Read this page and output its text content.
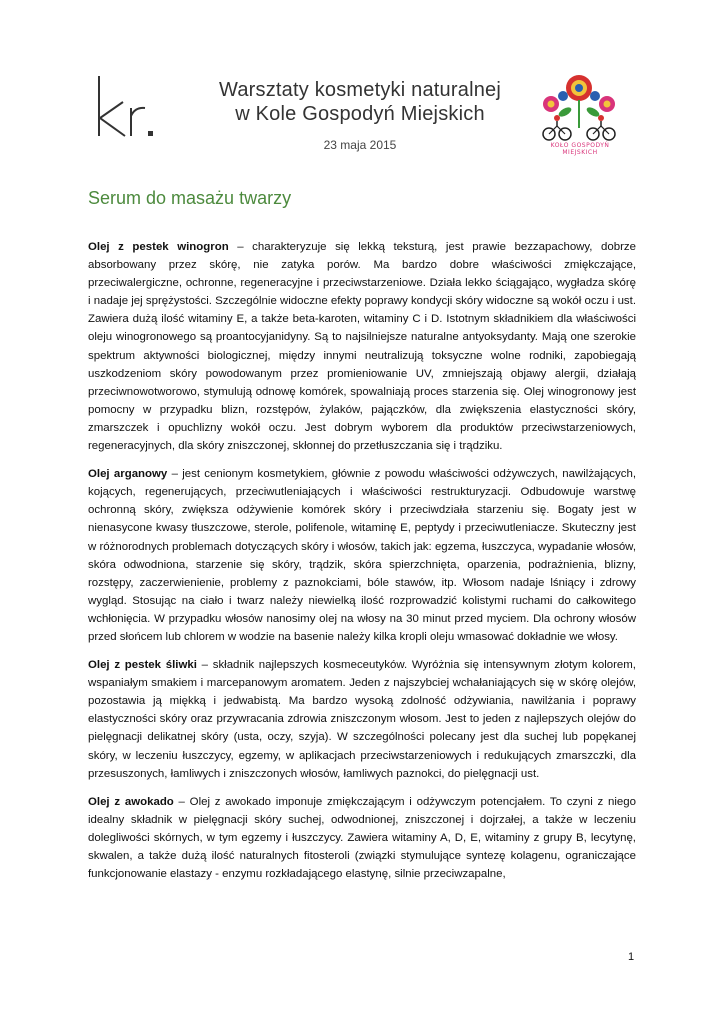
Warsztaty kosmetyki naturalnej
w Kole Gospodyń Miejskich
23 maja 2015	KOŁO GOSPODYŃ MIEJSKICH
Serum do masażu twarzy

Olej z pestek winogron – charakteryzuje się lekką teksturą, jest prawie bezzapachowy, dobrze absorbowany przez skórę, nie zatyka porów. Ma bardzo dobre właściwości zmiękczające, przeciwalergiczne, ochronne, regeneracyjne i przeciwstarzeniowe. Działa lekko ściągająco, wygładza skórę i nadaje jej sprężystości. Szczególnie widoczne efekty poprawy kondycji skóry widoczne są wokół oczu i ust. Zawiera dużą ilość witaminy E, a także beta-karoten, witaminy C i D. Istotnym składnikiem dla właściwości oleju winogronowego są proantocyjanidyny. Są to najsilniejsze naturalne antyoksydanty. Mają one szerokie spektrum aktywności biologicznej, między innymi neutralizują toksyczne wolne rodniki, zapobiegają uszkodzeniom skóry powodowanym przez promieniowanie UV, zmniejszają objawy alergii, działają przeciwnowotworowo, stymulują odnowę komórek, spowalniają proces starzenia się. Olej winogronowy jest pomocny w przypadku blizn, rozstępów, żylaków, pajączków, dla zwiększenia elastyczności skóry, zmarszczek i opuchlizny wokół oczu. Jest dobrym wyborem dla produktów przeciwstarzeniowych, regeneracyjnych, dla skóry zniszczonej, skłonnej do przetłuszczania się i trądziku.

Olej arganowy – jest cenionym kosmetykiem, głównie z powodu właściwości odżywczych, nawilżających, kojących, regenerujących, przeciwutleniających i właściwości restrukturyzacji. Odbudowuje warstwę ochronną skóry, zwiększa odżywienie komórek skóry i przeciwdziała starzeniu się. Bogaty jest w nienasycone kwasy tłuszczowe, sterole, polifenole, witaminę E, peptydy i przeciwutleniacze. Skuteczny jest w różnorodnych problemach dotyczących skóry i włosów, takich jak: egzema, łuszczyca, wypadanie włosów, skóra odwodniona, starzenie się skóry, trądzik, skóra spierzchnięta, oparzenia, podrażnienia, blizny, rozstępy, zaczerwienienie, problemy z paznokciami, bóle stawów, itp. Włosom nadaje lśniący i zdrowy wygląd. Stosując na ciało i twarz należy niewielką ilość rozprowadzić kolistymi ruchami do całkowitego wchłonięcia. W przypadku włosów nanosimy olej na włosy na 30 minut przed myciem. Dla ochrony włosów przed słońcem lub chlorem w wodzie na basenie należy kilka kropli oleju wmasować dokładnie we włosy.

Olej z pestek śliwki – składnik najlepszych kosmeceutyków. Wyróżnia się intensywnym złotym kolorem, wspaniałym smakiem i marcepanowym aromatem. Jeden z najszybciej wchałaniających się w skórę olejów, pozostawia ją miękką i jedwabistą. Ma bardzo wysoką zdolność odżywiania, nawilżania i poprawy elastyczności skóry oraz przywracania zdrowia zniszczonym włosom. Jest to jeden z najlepszych olejów do pielęgnacji delikatnej skóry (usta, oczy, szyja). W szczególności polecany jest dla suchej lub popękanej skóry, w leczeniu łuszczycy, egzemy, w aplikacjach przeciwstarzeniowych i redukujących zmarszczki, dla przesuszonych, łamliwych i zniszczonych włosów, łamliwych paznokci, do pielęgnacji ust.

Olej z awokado – Olej z awokado imponuje zmiękczającym i odżywczym potencjałem. To czyni z niego idealny składnik w pielęgnacji skóry suchej, odwodnionej, zniszczonej i dojrzałej, a także w leczeniu dolegliwości skórnych, w tym egzemy i łuszczycy. Zawiera witaminy A, D, E, witaminy z grupy B, lecytynę, skwalen, a także dużą ilość naturalnych fitosteroli (związki stymulujące syntezę kolagenu, ograniczające funkcjonowanie elastazy - enzymu rozkładającego elastynę, silnie przeciwzapalne,

1
